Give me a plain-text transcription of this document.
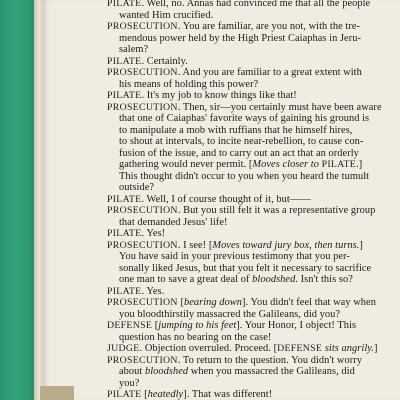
PILATE. Well, no. Annas had convinced me that all the people

wanted Him crucified.

PROSECUTION. You are familiar, are you not, with the tre-

mendous power held by the High Priest Caiaphas in Jeru-

salem?

PILATE. Certainly.

PROSECUTION. And you are familiar to a great extent with

his means of holding this power?

PILATE. It's my job to know things like that!

PROSECUTION. Then, sir—you certainly must have been aware

that one of Caiaphas' favorite ways of gaining his ground is

to manipulate a mob with ruffians that he himself hires,

to shout at intervals, to incite near-rebellion, to cause con-

fusion of the issue, and to carry out an act that an orderly

gathering would never permit. [Moves closer to PILATE.]

This thought didn't occur to you when you heard the tumult

outside?

PILATE. Well, I of course thought of it, but——

PROSECUTION. But you still felt it was a representative group

that demanded Jesus' life!

PILATE. Yes!

PROSECUTION. I see! [Moves toward jury box, then turns.]

You have said in your previous testimony that you per-

sonally liked Jesus, but that you felt it necessary to sacrifice

one man to save a great deal of bloodshed. Isn't this so?

PILATE. Yes.

PROSECUTION [bearing down]. You didn't feel that way when

you bloodthirstily massacred the Galileans, did you?

DEFENSE [jumping to his feet]. Your Honor, I object! This

question has no bearing on the case!

JUDGE. Objection overruled. Proceed. [DEFENSE sits angrily.]

PROSECUTION. To return to the question. You didn't worry

about bloodshed when you massacred the Galileans, did

you?

PILATE [heatedly]. That was different!
